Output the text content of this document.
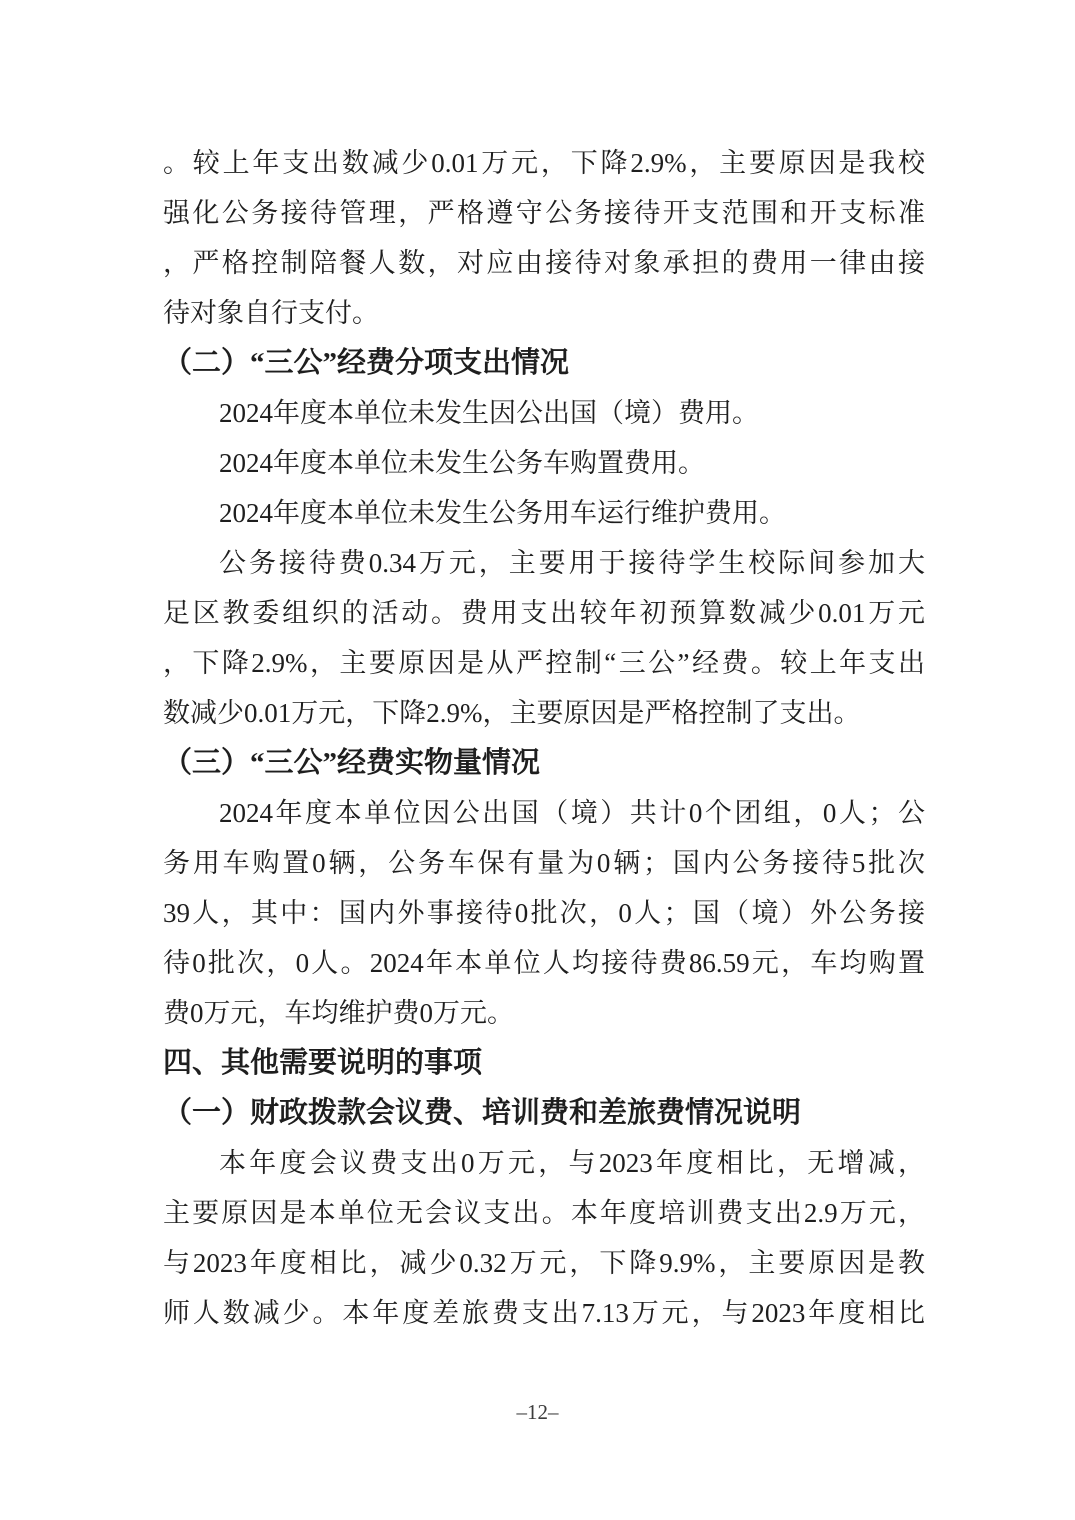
。较上年支出数减少0.01万元，下降2.9%，主要原因是我校
强化公务接待管理，严格遵守公务接待开支范围和开支标准
，严格控制陪餐人数，对应由接待对象承担的费用一律由接
待对象自行支付。
（二）“三公”经费分项支出情况
2024年度本单位未发生因公出国（境）费用。
2024年度本单位未发生公务车购置费用。
2024年度本单位未发生公务用车运行维护费用。
公务接待费0.34万元，主要用于接待学生校际间参加大
足区教委组织的活动。费用支出较年初预算数减少0.01万元
，下降2.9%，主要原因是从严控制“三公”经费。较上年支出
数减少0.01万元，下降2.9%，主要原因是严格控制了支出。
（三）“三公”经费实物量情况
2024年度本单位因公出国（境）共计0个团组，0人；公
务用车购置0辆，公务车保有量为0辆；国内公务接待5批次
39人，其中：国内外事接待0批次，0人；国（境）外公务接
待0批次，0人。2024年本单位人均接待费86.59元，车均购置
费0万元，车均维护费0万元。
四、其他需要说明的事项
（一）财政拨款会议费、培训费和差旅费情况说明
本年度会议费支出0万元，与2023年度相比，无增减，
主要原因是本单位无会议支出。本年度培训费支出2.9万元，
与2023年度相比，减少0.32万元，下降9.9%，主要原因是教
师人数减少。本年度差旅费支出7.13万元，与2023年度相比
–12–
